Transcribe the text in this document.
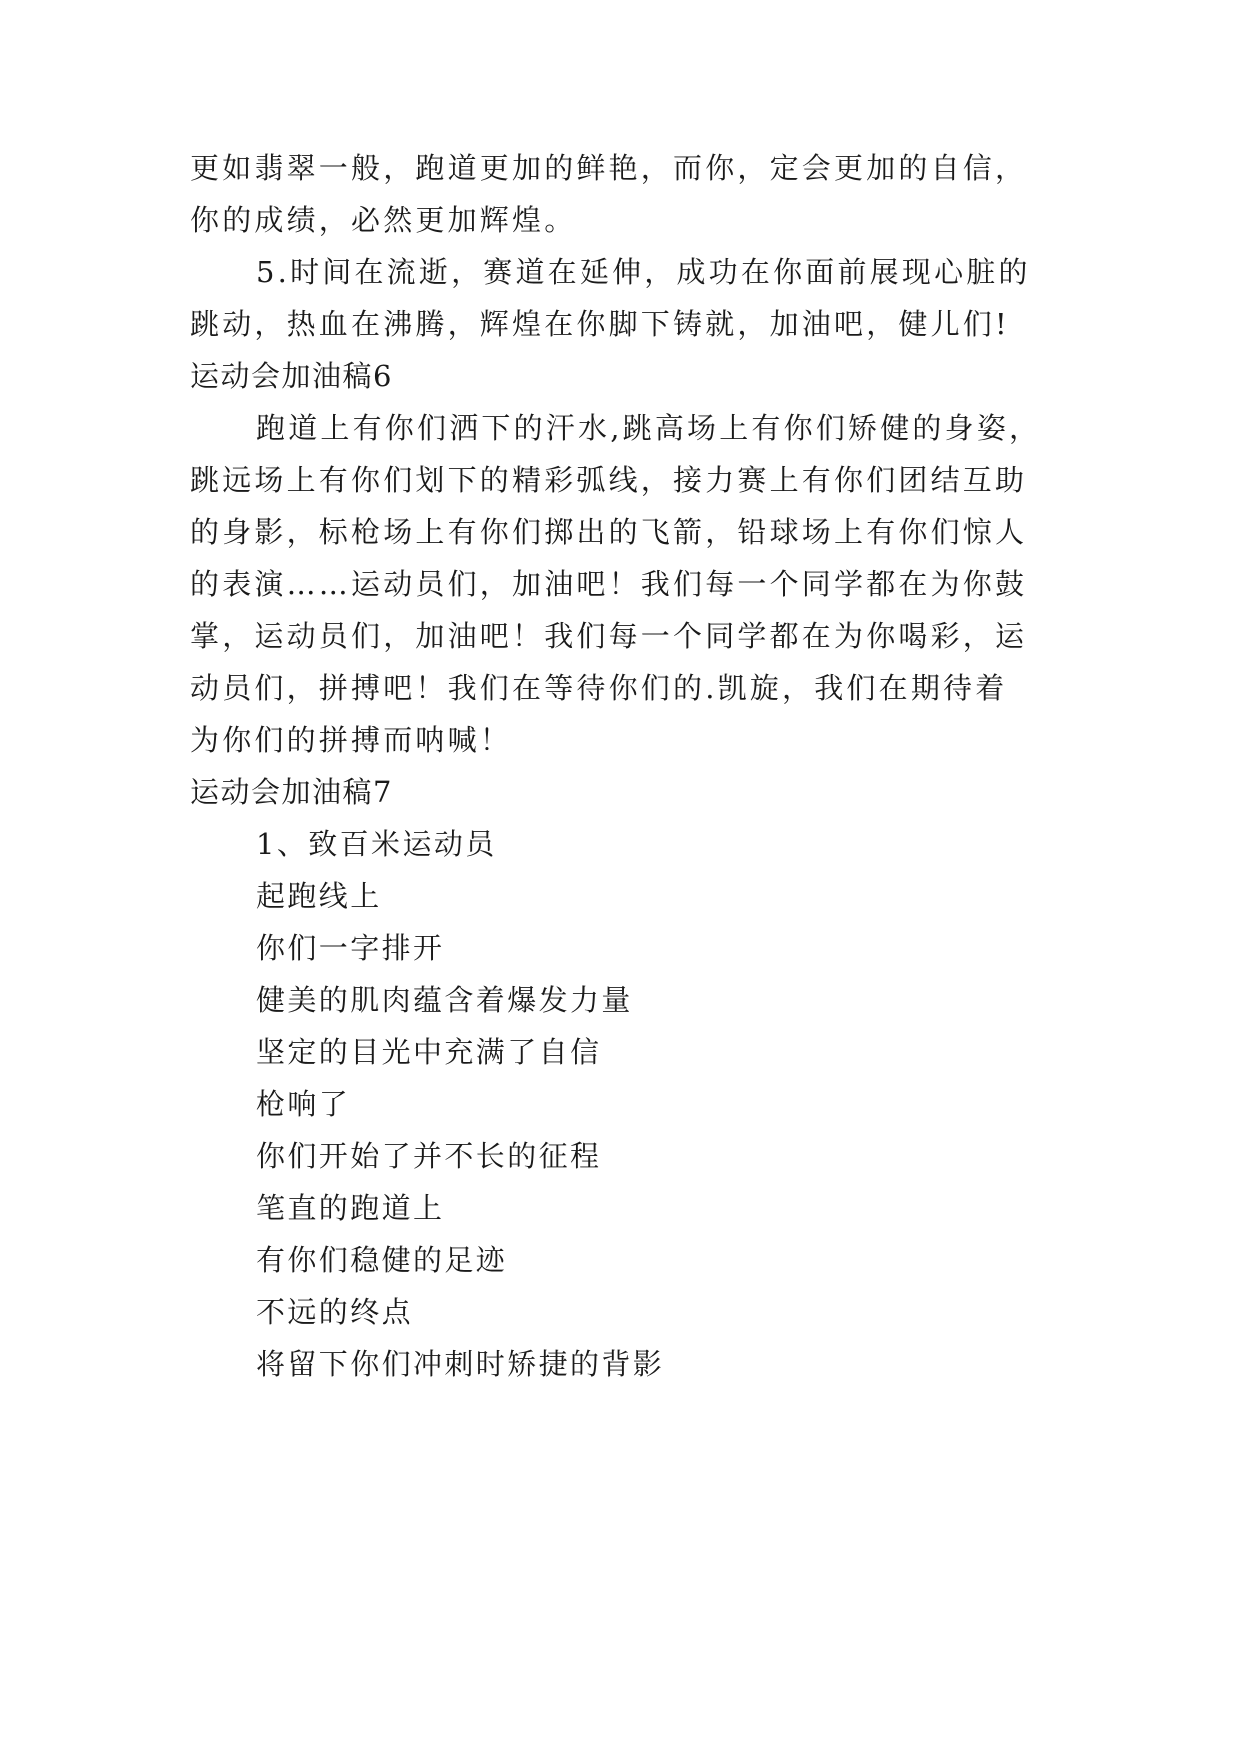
更如翡翠一般，跑道更加的鲜艳，而你，定会更加的自信，
你的成绩，必然更加辉煌。
5.时间在流逝，赛道在延伸，成功在你面前展现心脏的
跳动，热血在沸腾，辉煌在你脚下铸就，加油吧，健儿们!
运动会加油稿6
跑道上有你们洒下的汗水,跳高场上有你们矫健的身姿，
跳远场上有你们划下的精彩弧线，接力赛上有你们团结互助
的身影，标枪场上有你们掷出的飞箭，铅球场上有你们惊人
的表演……运动员们，加油吧！我们每一个同学都在为你鼓
掌，运动员们，加油吧！我们每一个同学都在为你喝彩，运
动员们，拼搏吧！我们在等待你们的.凯旋，我们在期待着
为你们的拼搏而呐喊！
运动会加油稿7
1、致百米运动员
起跑线上
你们一字排开
健美的肌肉蕴含着爆发力量
坚定的目光中充满了自信
枪响了
你们开始了并不长的征程
笔直的跑道上
有你们稳健的足迹
不远的终点
将留下你们冲刺时矫捷的背影
